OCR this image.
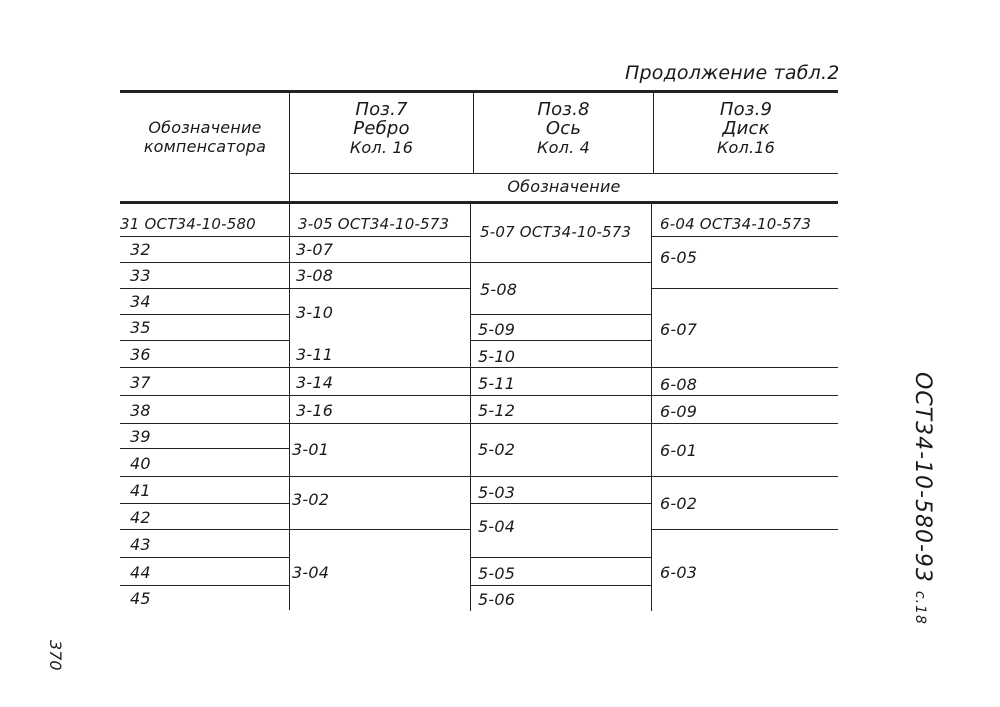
Продолжение табл.2
Обозначение
компенсатора
Поз.7
Ребро
Кол. 16
Поз.8
Ось
Кол. 4
Поз.9
Диск
Кол.16
Обозначение
31 ОСТ34-10-580
32
33
34
35
36
37
38
39
40
41
42
43
44
45
3-05 ОСТ34-10-573
3-07
3-08
3-10
3-11
3-14
3-16
3-01
3-02
3-04
5-07 ОСТ34-10-573
5-08
5-09
5-10
5-11
5-12
5-02
5-03
5-04
5-05
5-06
6-04 ОСТ34-10-573
6-05
6-07
6-08
6-09
6-01
6-02
6-03	ОСТ34-10-580-93 с.18
370
